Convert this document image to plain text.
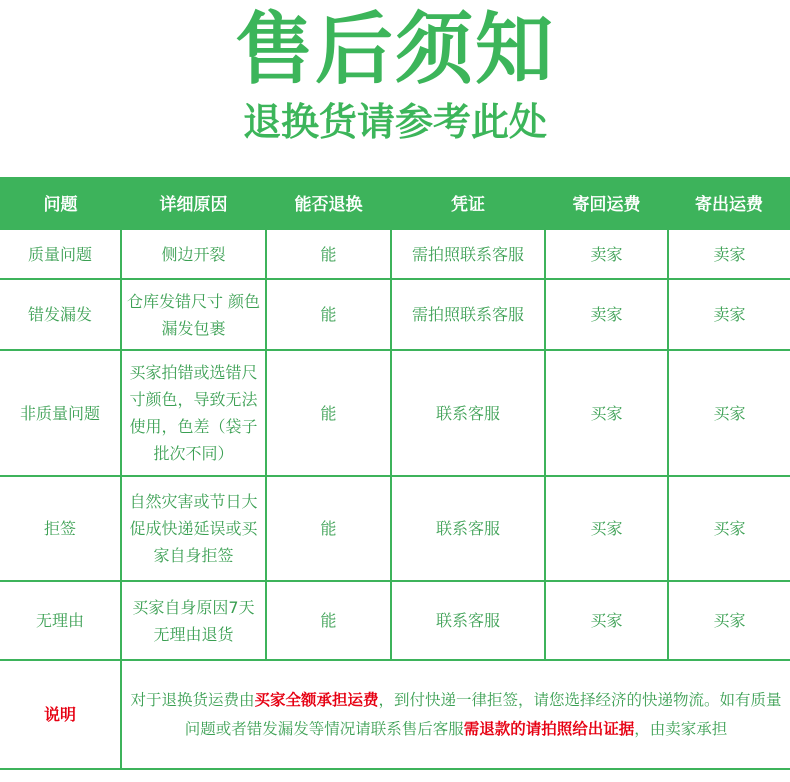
售后须知
退换货请参考此处
问题	详细原因	能否退换	凭证	寄回运费	寄出运费
质量问题	侧边开裂	能	需拍照联系客服	卖家	卖家
错发漏发	仓库发错尺寸 颜色漏发包裹	能	需拍照联系客服	卖家	卖家
非质量问题	买家拍错或选错尺寸颜色，导致无法使用，色差（袋子批次不同）	能	联系客服	买家	买家
拒签	自然灾害或节日大促成快递延误或买家自身拒签	能	联系客服	买家	买家
无理由	买家自身原因7天无理由退货	能	联系客服	买家	买家
说明	对于退换货运费由买家全额承担运费，到付快递一律拒签，请您选择经济的快递物流。如有质量问题或者错发漏发等情况请联系售后客服需退款的请拍照给出证据，由卖家承担				
